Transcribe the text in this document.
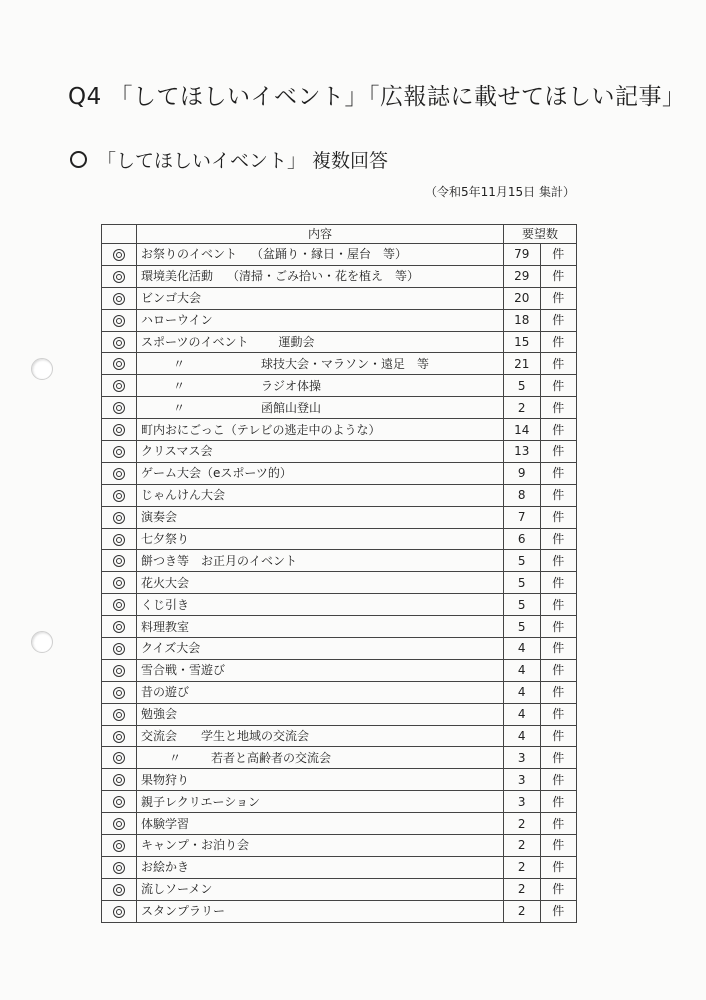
Q4 「してほしいイベント」「広報誌に載せてほしい記事」
「してほしいイベント」 複数回答
（令和5年11月15日 集計）
	内容	要望数	
	お祭りのイベント （盆踊り・縁日・屋台　等）	79	件
	環境美化活動 （清掃・ごみ拾い・花を植え　等）	29	件
	ビンゴ大会	20	件
	ハローウイン	18	件
	スポーツのイベント 運動会	15	件
	〃 球技大会・マラソン・遠足　等	21	件
	〃 ラジオ体操	5	件
	〃 函館山登山	2	件
	町内おにごっこ（テレビの逃走中のような）	14	件
	クリスマス会	13	件
	ゲーム大会（eスポーツ的）	9	件
	じゃんけん大会	8	件
	演奏会	7	件
	七夕祭り	6	件
	餅つき等　お正月のイベント	5	件
	花火大会	5	件
	くじ引き	5	件
	料理教室	5	件
	クイズ大会	4	件
	雪合戦・雪遊び	4	件
	昔の遊び	4	件
	勉強会	4	件
	交流会 学生と地域の交流会	4	件
	〃 若者と高齢者の交流会	3	件
	果物狩り	3	件
	親子レクリエーション	3	件
	体験学習	2	件
	キャンプ・お泊り会	2	件
	お絵かき	2	件
	流しソーメン	2	件
	スタンプラリー	2	件
